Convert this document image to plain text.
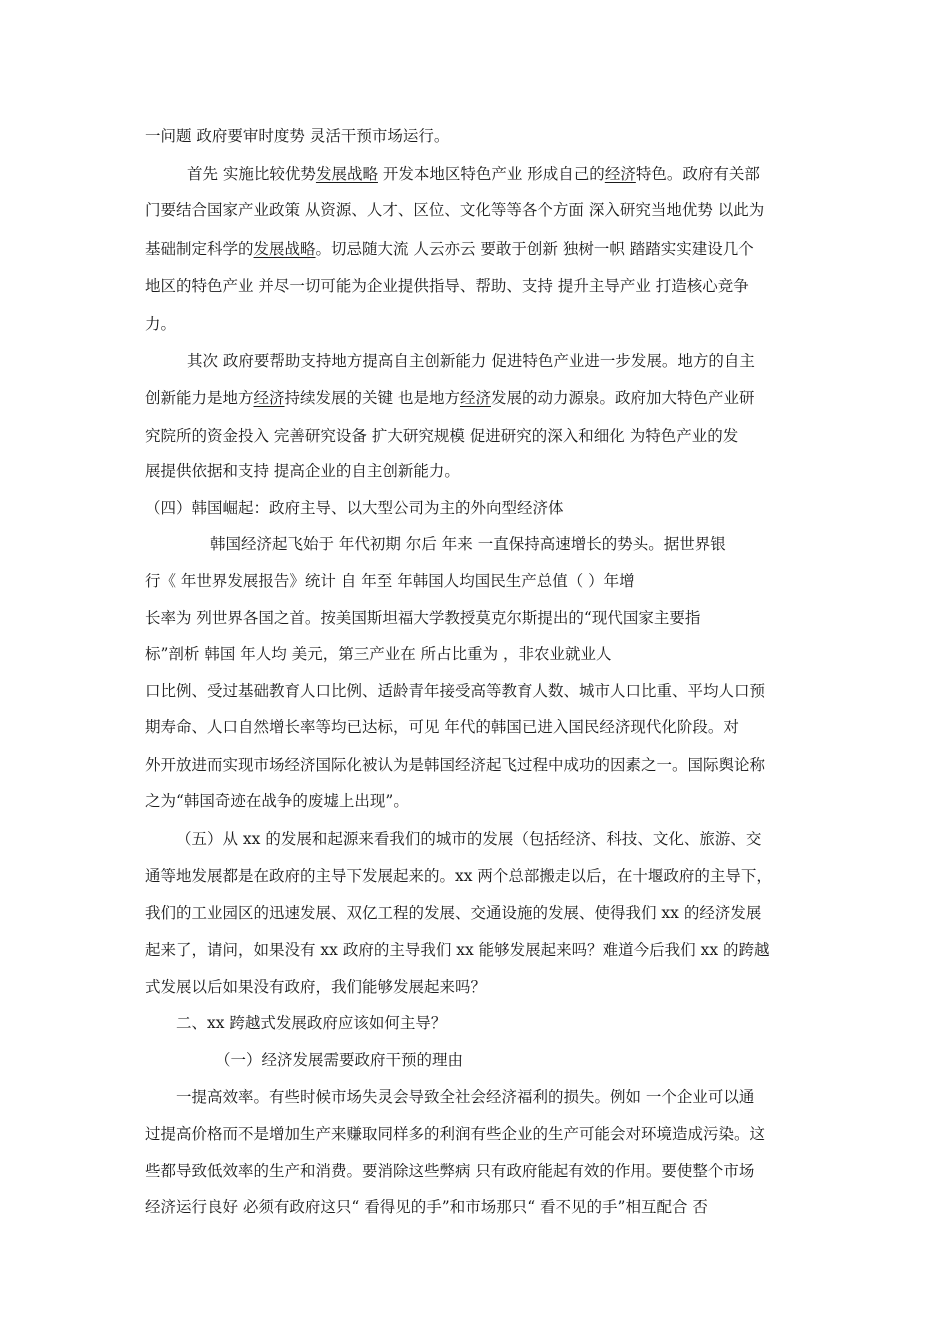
一问题 政府要审时度势 灵活干预市场运行。
首先 实施比较优势发展战略 开发本地区特色产业 形成自己的经济特色。政府有关部
门要结合国家产业政策 从资源、人才、区位、文化等等各个方面 深入研究当地优势 以此为
基础制定科学的发展战略。切忌随大流 人云亦云 要敢于创新 独树一帜 踏踏实实建设几个
地区的特色产业 并尽一切可能为企业提供指导、帮助、支持 提升主导产业 打造核心竞争
力。
其次 政府要帮助支持地方提高自主创新能力 促进特色产业进一步发展。地方的自主
创新能力是地方经济持续发展的关键 也是地方经济发展的动力源泉。政府加大特色产业研
究院所的资金投入 完善研究设备 扩大研究规模 促进研究的深入和细化 为特色产业的发
展提供依据和支持 提高企业的自主创新能力。
（四）韩国崛起：政府主导、以大型公司为主的外向型经济体
韩国经济起飞始于 年代初期 尔后 年来 一直保持高速增长的势头。据世界银
行《 年世界发展报告》统计 自 年至 年韩国人均国民生产总值（ ）年增
长率为 列世界各国之首。按美国斯坦福大学教授莫克尔斯提出的“现代国家主要指
标”剖析 韩国 年人均 美元，第三产业在 所占比重为 ，非农业就业人
口比例、受过基础教育人口比例、适龄青年接受高等教育人数、城市人口比重、平均人口预
期寿命、人口自然增长率等均已达标，可见 年代的韩国已进入国民经济现代化阶段。对
外开放进而实现市场经济国际化被认为是韩国经济起飞过程中成功的因素之一。国际舆论称
之为“韩国奇迹在战争的废墟上出现”。
（五）从 xx 的发展和起源来看我们的城市的发展（包括经济、科技、文化、旅游、交
通等地发展都是在政府的主导下发展起来的。xx 两个总部搬走以后，在十堰政府的主导下，
我们的工业园区的迅速发展、双亿工程的发展、交通设施的发展、使得我们 xx 的经济发展
起来了，请问，如果没有 xx 政府的主导我们 xx 能够发展起来吗？难道今后我们 xx 的跨越
式发展以后如果没有政府，我们能够发展起来吗？
二、xx 跨越式发展政府应该如何主导？
（一）经济发展需要政府干预的理由
一提高效率。有些时候市场失灵会导致全社会经济福利的损失。例如 一个企业可以通
过提高价格而不是增加生产来赚取同样多的利润有些企业的生产可能会对环境造成污染。这
些都导致低效率的生产和消费。要消除这些弊病 只有政府能起有效的作用。要使整个市场
经济运行良好 必须有政府这只“ 看得见的手”和市场那只“ 看不见的手”相互配合 否
